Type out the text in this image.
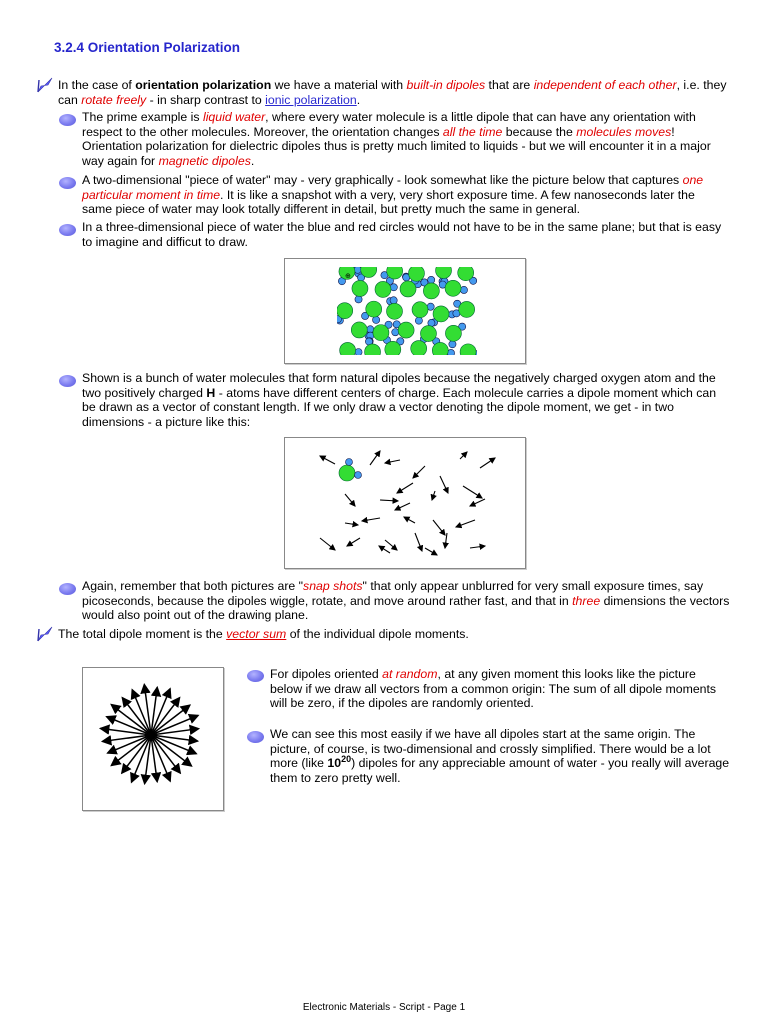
3.2.4 Orientation Polarization

In the case of orientation polarization we have a material with built-in dipoles that are independent of each other, i.e. they can rotate freely - in sharp contrast to ionic polarization.

The prime example is liquid water, where every water molecule is a little dipole that can have any orientation with respect to the other molecules. Moreover, the orientation changes all the time because the molecules moves! Orientation polarization for dielectric dipoles thus is pretty much limited to liquids - but we will encounter it in a major way again for magnetic dipoles.

A two-dimensional "piece of water" may - very graphically - look somewhat like the picture below that captures one particular moment in time. It is like a snapshot with a very, very short exposure time. A few nanoseconds later the same piece of water may look totally different in detail, but pretty much the same in general.

In a three-dimensional piece of water the blue and red circles would not have to be in the same plane; but that is easy to imagine and difficut to draw.

⊕

Shown is a bunch of water molecules that form natural dipoles because the negatively charged oxygen atom and the two positively charged H - atoms have different centers of charge. Each molecule carries a dipole moment which can be drawn as a vector of constant length. If we only draw a vector denoting the dipole moment, we get - in two dimensions - a picture like this:

Again, remember that both pictures are "snap shots" that only appear unblurred for very small exposure times, say picoseconds, because the dipoles wiggle, rotate, and move around rather fast, and that in three dimensions the vectors would also point out of the drawing plane.

The total dipole moment is the vector sum of the individual dipole moments.

For dipoles oriented at random, at any given moment this looks like the picture below if we draw all vectors from a common origin: The sum of all dipole moments will be zero, if the dipoles are randomly oriented.

We can see this most easily if we have all dipoles start at the same origin. The picture, of course, is two-dimensional and crossly simplified. There would be a lot more (like $10^{20}$) dipoles for any appreciable amount of water - you really will average them to zero pretty well.

Electronic Materials - Script - Page 1
